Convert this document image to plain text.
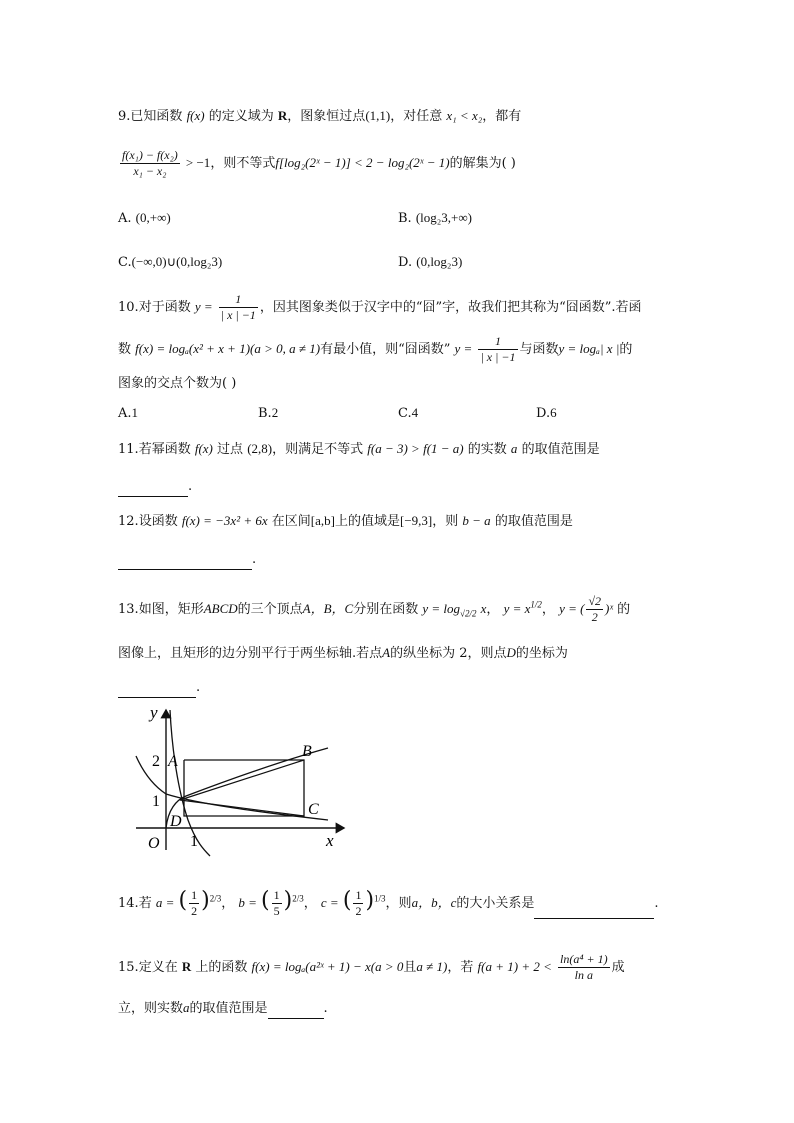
9.已知函数 f(x) 的定义域为 R，图象恒过点(1,1)，对任意 x₁ < x₂，都有
$\frac{\text{f(x₁) − f(x₂)}}{\text{x₁ − x₂}} > -1$，则不等式f[log₂(2ˣ − 1)] < 2 − log₂(2ˣ − 1)的解集为( )
A. (0,+∞)	B. (log₂3,+∞)
C.(−∞,0)∪(0,log₂3)	D. (0,log₂3)
10.对于函数 $y = \frac{1}{| x | -1}$ ，因其图象类似于汉字中的“囧”字，故我们把其称为“囧函数”.若函
数 f(x) = logₐ(x² + x + 1)(a > 0, a ≠ 1)有最小值，则“囧函数” $y = \frac{1}{| x | -1}$ 与函数y = logₐ| x |的
图象的交点个数为( )
A.1	B.2	C.4	D.6
11.若幂函数 f(x) 过点 (2,8)，则满足不等式 f(a − 3) > f(1 − a) 的实数 a 的取值范围是
.
12.设函数 f(x) = −3x² + 6x 在区间[a,b]上的值域是[−9,3]，则 b − a 的取值范围是
.
13.如图，矩形ABCD的三个顶点A，B，C分别在函数 $y = \log_{√2/2} x$， $y = x^{1/2}$， y = ( $\frac{√2}{2}$ )ˣ 的
图像上，且矩形的边分别平行于两坐标轴.若点A的纵坐标为 2，则点D的坐标为
.
y
x
O
2
1
1
A
B
C
D
14.若 a = ( $\frac{1}{2} )^{2/3}$， b = ( $\frac{1}{5} )^{2/3}$， c = ( $\frac{1}{2} )^{1/3}$，则a，b，c的大小关系是	.
15.定义在 R 上的函数 f(x) = logₐ(a²ˣ + 1) − x(a > 0且a ≠ 1)，若 $f(a + 1) + 2 < \frac{\text{ln(a⁴ + 1)}}{\text{ln a}}$ 成
立，则实数a的取值范围是	.
